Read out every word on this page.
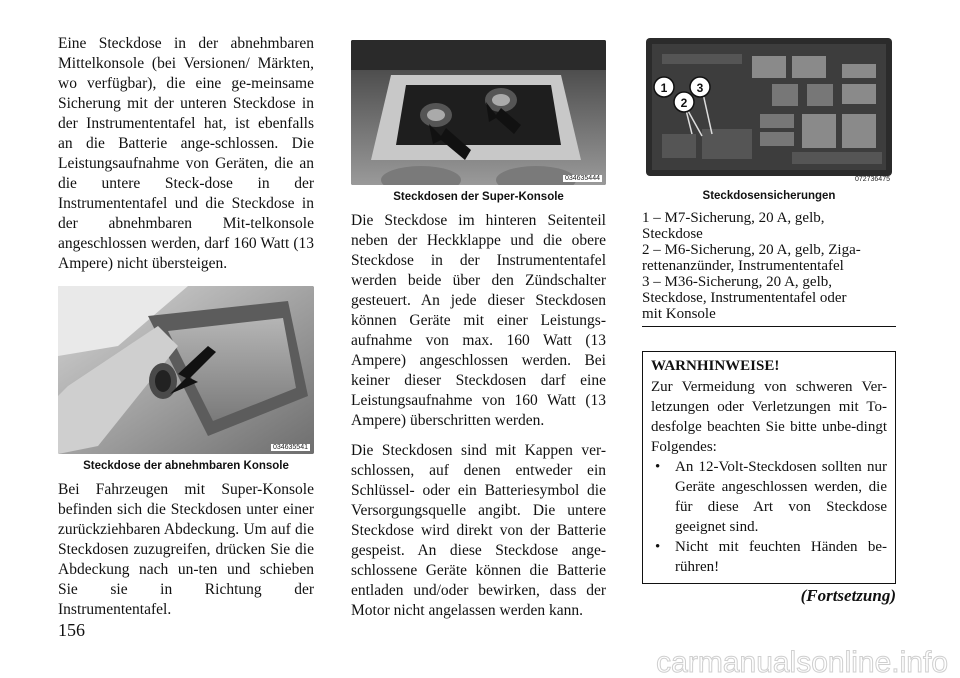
Eine Steckdose in der abnehmbaren Mittelkonsole (bei Versionen/ Märkten, wo verfügbar), die eine ge-meinsame Sicherung mit der unteren Steckdose in der Instrumententafel hat, ist ebenfalls an die Batterie ange-schlossen. Die Leistungsaufnahme von Geräten, die an die untere Steck-dose in der Instrumententafel und die Steckdose in der abnehmbaren Mit-telkonsole angeschlossen werden, darf 160 Watt (13 Ampere) nicht übersteigen.

034635541
Steckdose der abnehmbaren Konsole

Bei Fahrzeugen mit Super-Konsole befinden sich die Steckdosen unter einer zurückziehbaren Abdeckung. Um auf die Steckdosen zuzugreifen, drücken Sie die Abdeckung nach un-ten und schieben Sie sie in Richtung der Instrumententafel.

034635444
Steckdosen der Super-Konsole

Die Steckdose im hinteren Seitenteil neben der Heckklappe und die obere Steckdose in der Instrumententafel werden beide über den Zündschalter gesteuert. An jede dieser Steckdosen können Geräte mit einer Leistungs-aufnahme von max. 160 Watt (13 Ampere) angeschlossen werden. Bei keiner dieser Steckdosen darf eine Leistungsaufnahme von 160 Watt (13 Ampere) überschritten werden.

Die Steckdosen sind mit Kappen ver-schlossen, auf denen entweder ein Schlüssel- oder ein Batteriesymbol die Versorgungsquelle angibt. Die untere Steckdose wird direkt von der Batterie gespeist. An diese Steckdose ange-schlossene Geräte können die Batterie entladen und/oder bewirken, dass der Motor nicht angelassen werden kann.

1
2
3
072736475
Steckdosensicherungen

1 – M7-Sicherung, 20 A, gelb,

Steckdose

2 – M6-Sicherung, 20 A, gelb, Ziga-

rettenanzünder, Instrumententafel

3 – M36-Sicherung, 20 A, gelb,

Steckdose, Instrumententafel oder

mit Konsole

WARNHINWEISE!

Zur Vermeidung von schweren Ver-letzungen oder Verletzungen mit To-desfolge beachten Sie bitte unbe-dingt Folgendes:

• An 12-Volt-Steckdosen sollten nur Geräte angeschlossen werden, die für diese Art von Steckdose geeignet sind.

• Nicht mit feuchten Händen be-rühren!

(Fortsetzung)
156
carmanualsonline.info
